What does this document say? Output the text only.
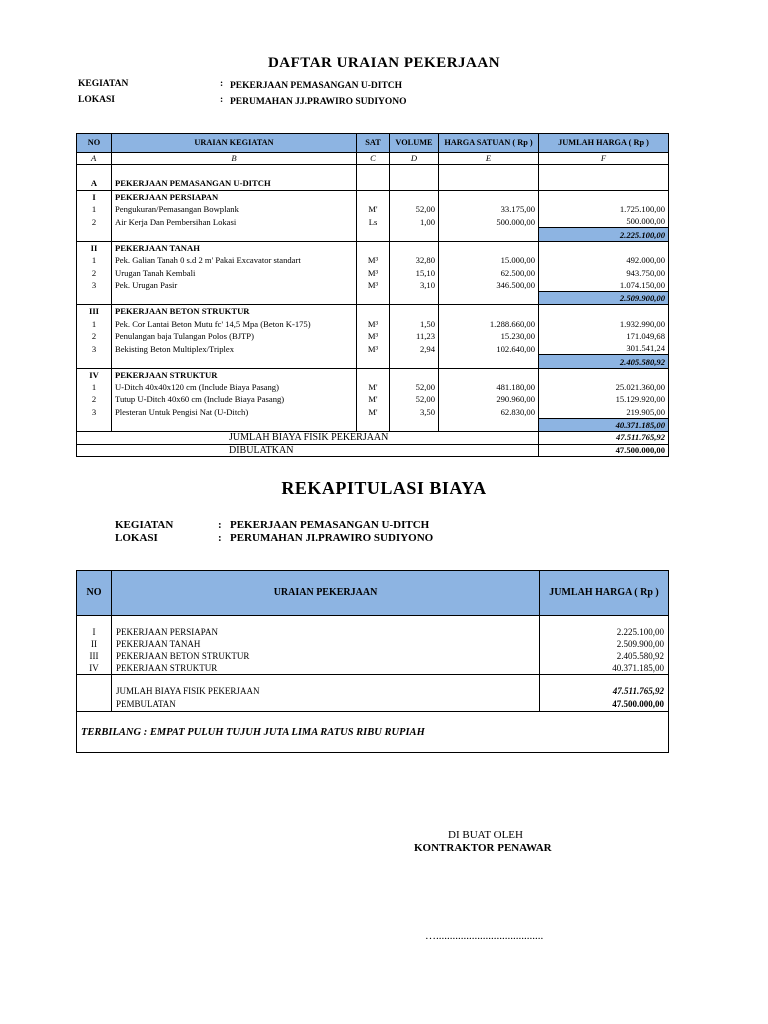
DAFTAR URAIAN PEKERJAAN
KEGIATAN	: PEKERJAAN PEMASANGAN U-DITCH
LOKASI	: PERUMAHAN JJ.PRAWIRO SUDIYONO
NO	URAIAN KEGIATAN	SAT	VOLUME	HARGA SATUAN ( Rp )	JUMLAH HARGA ( Rp )
A	B	C	D	E	F

A	PEKERJAAN PEMASANGAN U-DITCH				
I	PEKERJAAN PERSIAPAN				
1	Pengukuran/Pemasangan Bowplank	M'	52,00	33.175,00	1.725.100,00
2	Air Kerja Dan Pembersihan Lokasi	Ls	1,00	500.000,00	500.000,00
					2.225.100,00
II	PEKERJAAN TANAH				
1	Pek. Galian Tanah 0 s.d 2 m' Pakai Excavator standart	M³	32,80	15.000,00	492.000,00
2	Urugan Tanah Kembali	M³	15,10	62.500,00	943.750,00
3	Pek. Urugan Pasir	M³	3,10	346.500,00	1.074.150,00
					2.509.900,00
III	PEKERJAAN BETON STRUKTUR				
1	Pek. Cor Lantai Beton Mutu fc' 14,5 Mpa (Beton K-175)	M³	1,50	1.288.660,00	1.932.990,00
2	Penulangan baja Tulangan Polos (BJTP)	M³	11,23	15.230,00	171.049,68
3	Bekisting Beton Multiplex/Triplex	M³	2,94	102.640,00	301.541,24
					2.405.580,92
IV	PEKERJAAN STRUKTUR				
1	U-Ditch 40x40x120 cm (Include Biaya Pasang)	M'	52,00	481.180,00	25.021.360,00
2	Tutup U-Ditch 40x60 cm (Include Biaya Pasang)	M'	52,00	290.960,00	15.129.920,00
3	Plesteran Untuk Pengisi Nat (U-Ditch)	M'	3,50	62.830,00	219.905,00
					40.371.185,00
JUMLAH BIAYA FISIK PEKERJAAN					47.511.765,92
DIBULATKAN					47.500.000,00
REKAPITULASI BIAYA
KEGIATAN	: PEKERJAAN PEMASANGAN U-DITCH
LOKASI	: PERUMAHAN JI.PRAWIRO SUDIYONO
NO	URAIAN PEKERJAAN	JUMLAH HARGA ( Rp )

I	PEKERJAAN PERSIAPAN	2.225.100,00
II	PEKERJAAN TANAH	2.509.900,00
III	PEKERJAAN BETON STRUKTUR	2.405.580,92
IV	PEKERJAAN STRUKTUR	40.371.185,00

	JUMLAH BIAYA FISIK PEKERJAAN	47.511.765,92
	PEMBULATAN	47.500.000,00
TERBILANG : EMPAT PULUH TUJUH JUTA LIMA RATUS RIBU RUPIAH		
DI BUAT OLEH
KONTRAKTOR PENAWAR
….......................................
